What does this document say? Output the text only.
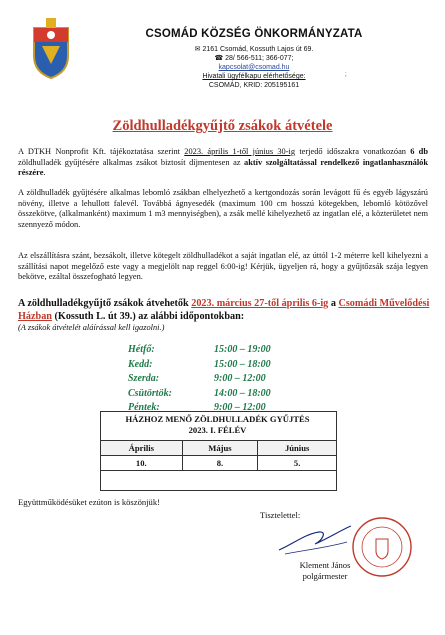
CSOMÁD KÖZSÉG ÖNKORMÁNYZATA
✉ 2161 Csomád, Kossuth Lajos út 69.
☎ 28/ 566-511; 366-077;
kapcsolat@csomad.hu
Hivatali ügyfélkapu elérhetősége:
CSOMÁD, KRID: 205195161
;
Zöldhulladékgyűjtő zsákok átvétele
A DTKH Nonprofit Kft. tájékoztatása szerint 2023. április 1-től június 30-ig terjedő időszakra vonatkozóan 6 db zöldhulladék gyűjtésére alkalmas zsákot biztosít díjmentesen az aktív szolgáltatással rendelkező ingatlanhasználók részére.
A zöldhulladék gyűjtésére alkalmas lebomló zsákban elhelyezhető a kertgondozás során levágott fű és egyéb lágyszárú növény, illetve a lehullott falevél. Továbbá ágnyesedék (maximum 100 cm hosszú kötegekben, lebomló kötözővel összekötve, (alkalmanként) maximum 1 m3 mennyiségben), a zsák mellé kihelyezhető az ingatlan elé, a közterületet nem szennyező módon.
Az elszállításra szánt, bezsákolt, illetve kötegelt zöldhulladékot a saját ingatlan elé, az úttól 1-2 méterre kell kihelyezni a szállítási napot megelőző este vagy a megjelölt nap reggel 6:00-ig! Kérjük, ügyeljen rá, hogy a gyűjtőzsák szája legyen bekötve, ezáltal összefogható legyen.
A zöldhulladékgyűjtő zsákok átvehetők 2023. március 27-től április 6-ig a Csomádi Művelődési Házban (Kossuth L. út 39.) az alábbi időpontokban:
(A zsákok átvételét aláírással kell igazolni.)
Hétfő:	15:00 – 19:00
Kedd:	15:00 – 18:00
Szerda:	9:00 – 12:00
Csütörtök:	14:00 – 18:00
Péntek:	9:00 – 12:00
HÁZHOZ MENŐ ZÖLDHULLADÉK GYŰJTÉS
2023. I. FÉLÉV
Április	Május	Június
10.	8.	5.
Együttműködésüket ezúton is köszönjük!
Tisztelettel:
Klement János
polgármester
